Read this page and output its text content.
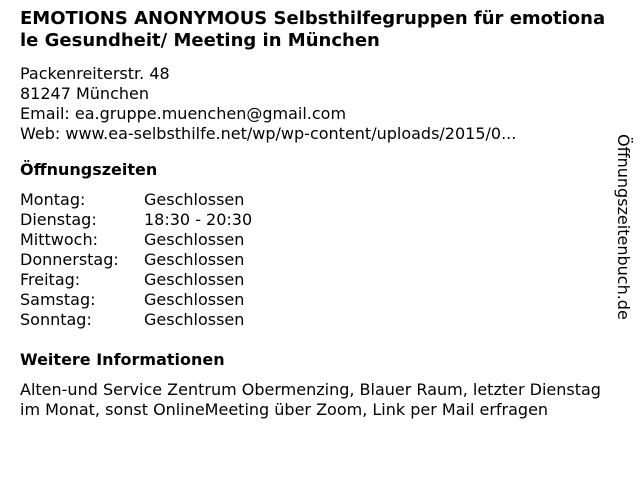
EMOTIONS ANONYMOUS Selbsthilfegruppen für emotionale Gesundheit/ Meeting in München
Packenreiterstr. 48
81247 München
Email: ea.gruppe.muenchen@gmail.com
Web: www.ea-selbsthilfe.net/wp/wp-content/uploads/2015/0...
Öffnungszeiten
Montag:	Geschlossen
Dienstag:	18:30 - 20:30
Mittwoch:	Geschlossen
Donnerstag:	Geschlossen
Freitag:	Geschlossen
Samstag:	Geschlossen
Sonntag:	Geschlossen
Weitere Informationen
Alten-und Service Zentrum Obermenzing, Blauer Raum, letzter Dienstag im Monat, sonst OnlineMeeting über Zoom, Link per Mail erfragen
Öffnungszeitenbuch.de
